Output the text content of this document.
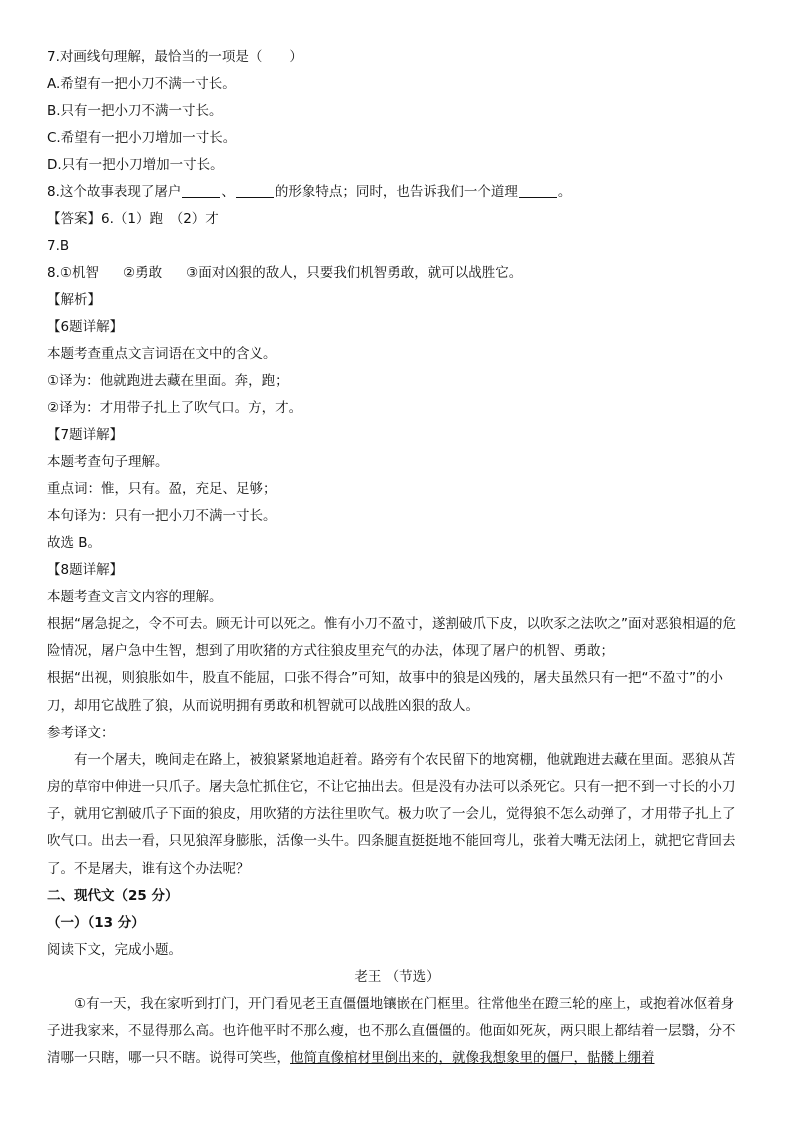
7.对画线句理解，最恰当的一项是（　　）
A.希望有一把小刀不满一寸长。
B.只有一把小刀不满一寸长。
C.希望有一把小刀增加一寸长。
D.只有一把小刀增加一寸长。
8.这个故事表现了屠户	、	的形象特点；同时，也告诉我们一个道理	。
【答案】6.（1）跑　（2）才
7.B
8.①机智 ②勇敢 ③面对凶狠的敌人，只要我们机智勇敢，就可以战胜它。
【解析】
【6题详解】
本题考查重点文言词语在文中的含义。
①译为：他就跑进去藏在里面。奔，跑；
②译为：才用带子扎上了吹气口。方，才。
【7题详解】
本题考查句子理解。
重点词：惟，只有。盈，充足、足够；
本句译为：只有一把小刀不满一寸长。
故选 B。
【8题详解】
本题考查文言文内容的理解。
根据“屠急捉之，令不可去。顾无计可以死之。惟有小刀不盈寸，遂割破爪下皮，以吹豕之法吹之”面对恶狼相逼的危险情况，屠户急中生智，想到了用吹猪的方式往狼皮里充气的办法，体现了屠户的机智、勇敢；
根据“出视，则狼胀如牛，股直不能屈，口张不得合”可知，故事中的狼是凶残的，屠夫虽然只有一把“不盈寸”的小刀，却用它战胜了狼，从而说明拥有勇敢和机智就可以战胜凶狠的敌人。
参考译文：
有一个屠夫，晚间走在路上，被狼紧紧地追赶着。路旁有个农民留下的地窝棚，他就跑进去藏在里面。恶狼从苫房的草帘中伸进一只爪子。屠夫急忙抓住它，不让它抽出去。但是没有办法可以杀死它。只有一把不到一寸长的小刀子，就用它割破爪子下面的狼皮，用吹猪的方法往里吹气。极力吹了一会儿，觉得狼不怎么动弹了，才用带子扎上了吹气口。出去一看，只见狼浑身膨胀，活像一头牛。四条腿直挺挺地不能回弯儿，张着大嘴无法闭上，就把它背回去了。不是屠夫，谁有这个办法呢？
二、现代文（25 分）
（一）（13 分）
阅读下文，完成小题。
老王 （节选）
①有一天，我在家听到打门，开门看见老王直僵僵地镶嵌在门框里。往常他坐在蹬三轮的座上，或抱着冰伛着身子进我家来，不显得那么高。也许他平时不那么瘦，也不那么直僵僵的。他面如死灰，两只眼上都结着一层翳，分不清哪一只瞎，哪一只不瞎。说得可笑些，他简直像棺材里倒出来的，就像我想象里的僵尸，骷髅上绷着
